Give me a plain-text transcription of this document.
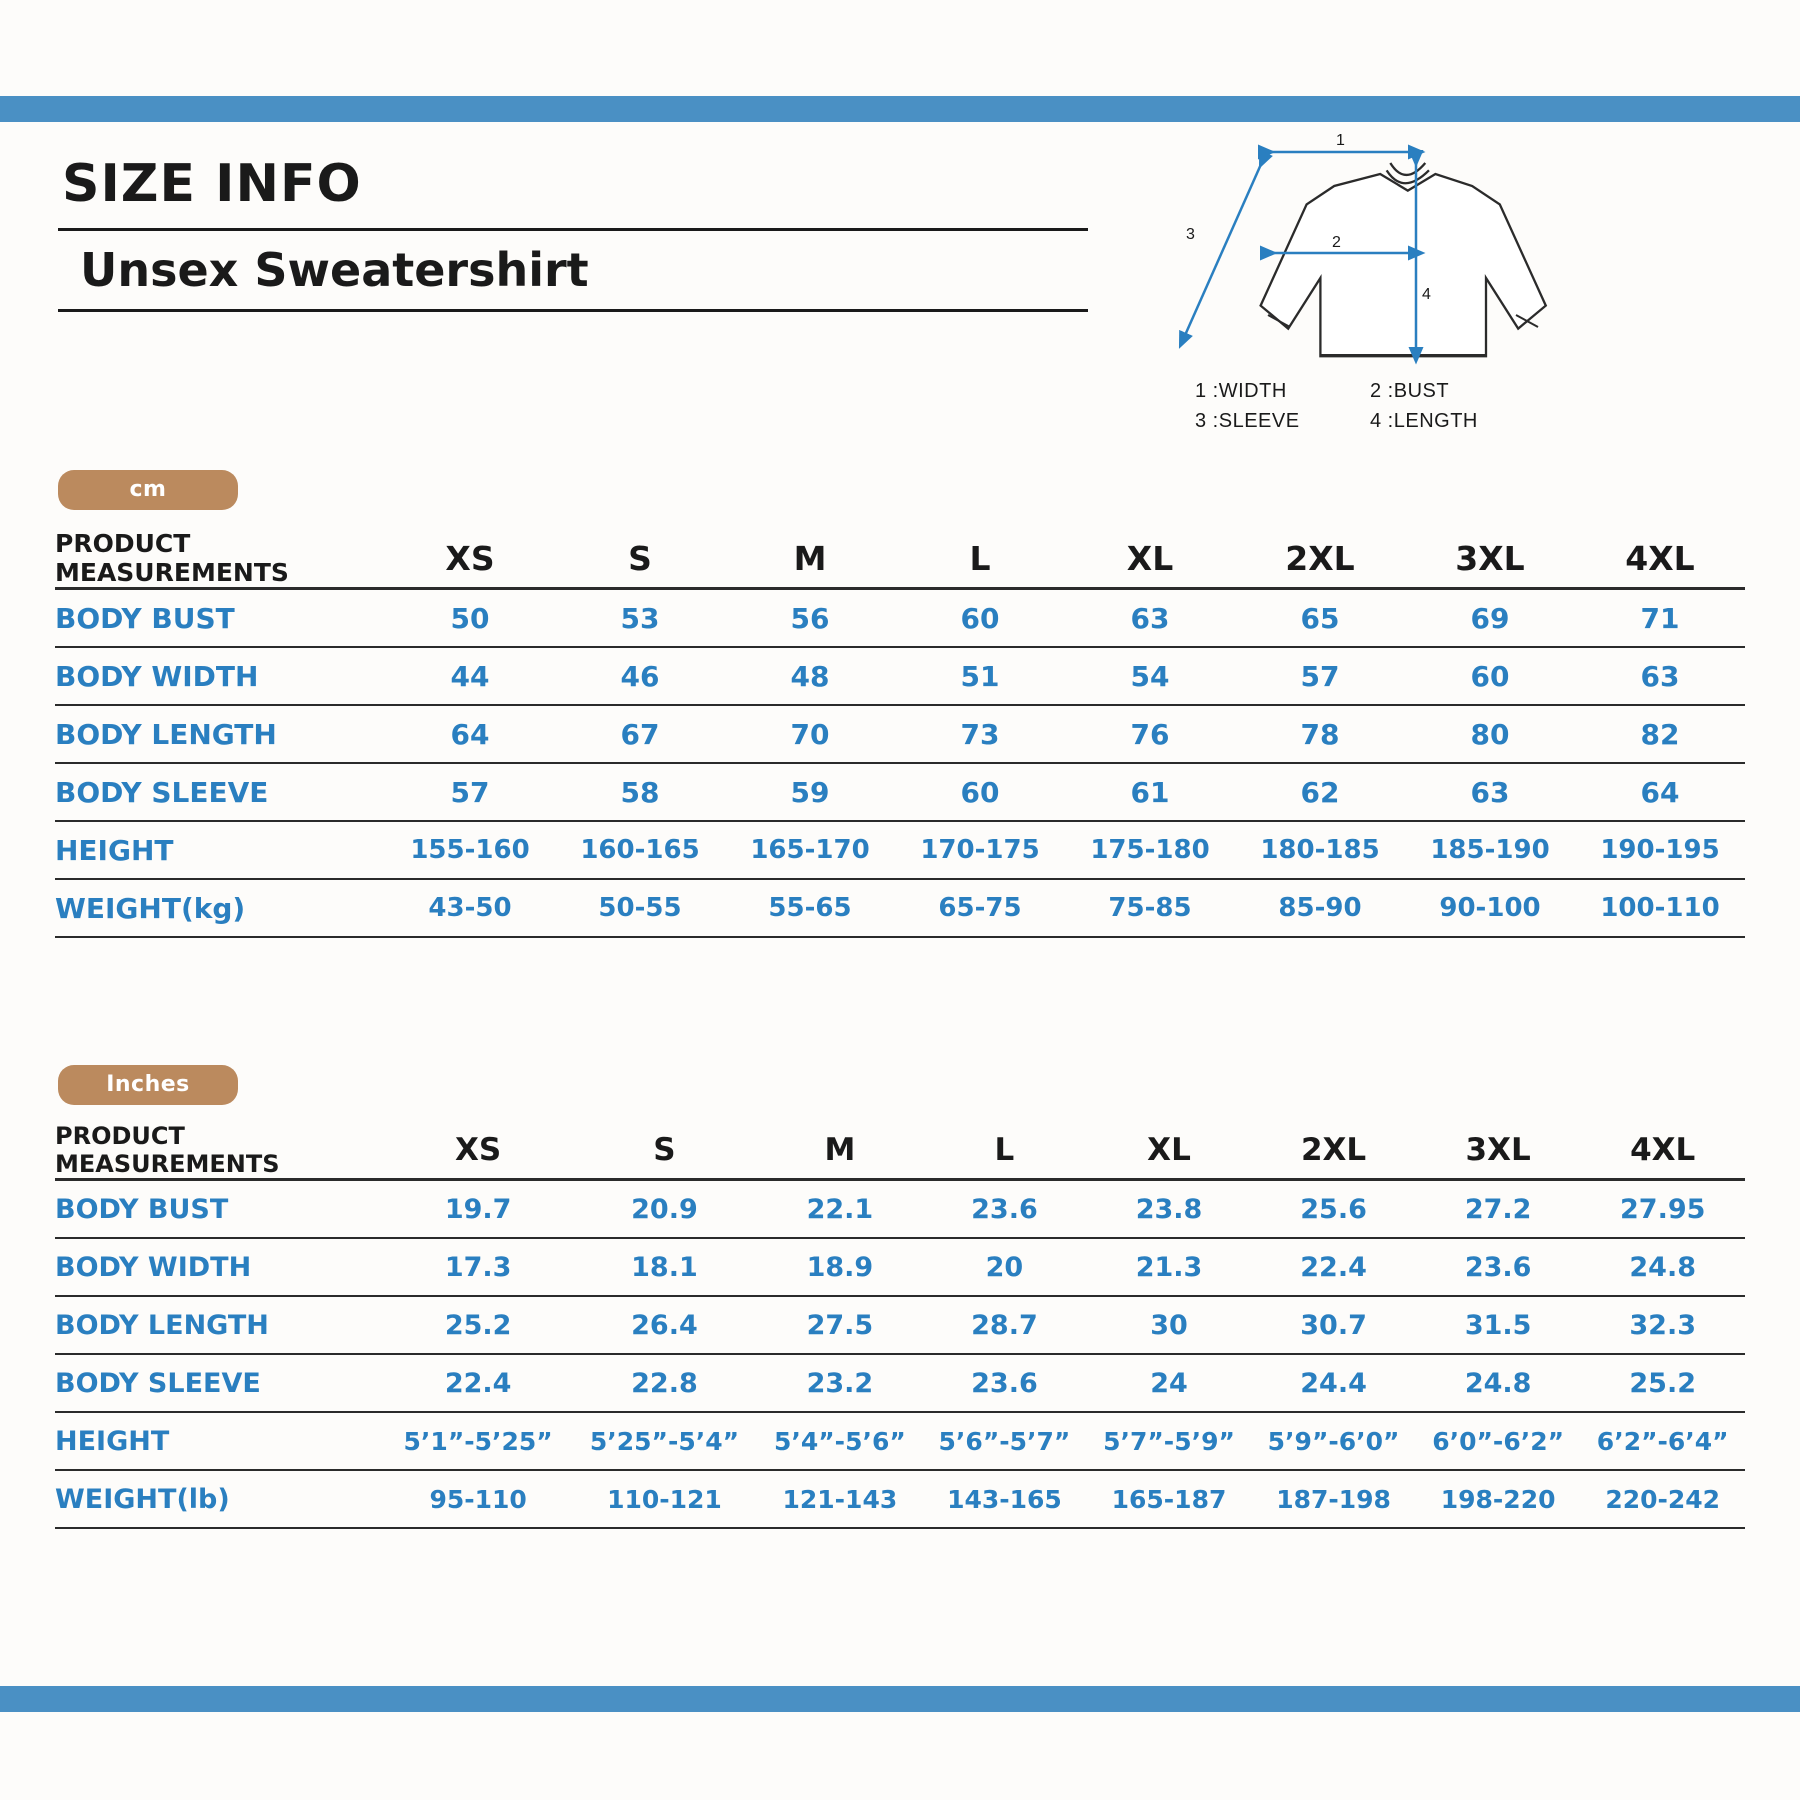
SIZE INFO
Unsex Sweatershirt
1
3	2
4
1 :WIDTH	2 :BUST
3 :SLEEVE	4 :LENGTH
cm
PRODUCT MEASUREMENTS	XS	S	M	L	XL	2XL	3XL	4XL
BODY BUST	50	53	56	60	63	65	69	71
BODY WIDTH	44	46	48	51	54	57	60	63
BODY LENGTH	64	67	70	73	76	78	80	82
BODY SLEEVE	57	58	59	60	61	62	63	64
HEIGHT	155-160	160-165	165-170	170-175	175-180	180-185	185-190	190-195
WEIGHT(kg)	43-50	50-55	55-65	65-75	75-85	85-90	90-100	100-110
Inches
PRODUCT MEASUREMENTS	XS	S	M	L	XL	2XL	3XL	4XL
BODY BUST	19.7	20.9	22.1	23.6	23.8	25.6	27.2	27.95
BODY WIDTH	17.3	18.1	18.9	20	21.3	22.4	23.6	24.8
BODY LENGTH	25.2	26.4	27.5	28.7	30	30.7	31.5	32.3
BODY SLEEVE	22.4	22.8	23.2	23.6	24	24.4	24.8	25.2
HEIGHT	5’1”-5’25”	5’25”-5’4”	5’4”-5’6”	5’6”-5’7”	5’7”-5’9”	5’9”-6’0”	6’0”-6’2”	6’2”-6’4”
WEIGHT(lb)	95-110	110-121	121-143	143-165	165-187	187-198	198-220	220-242
